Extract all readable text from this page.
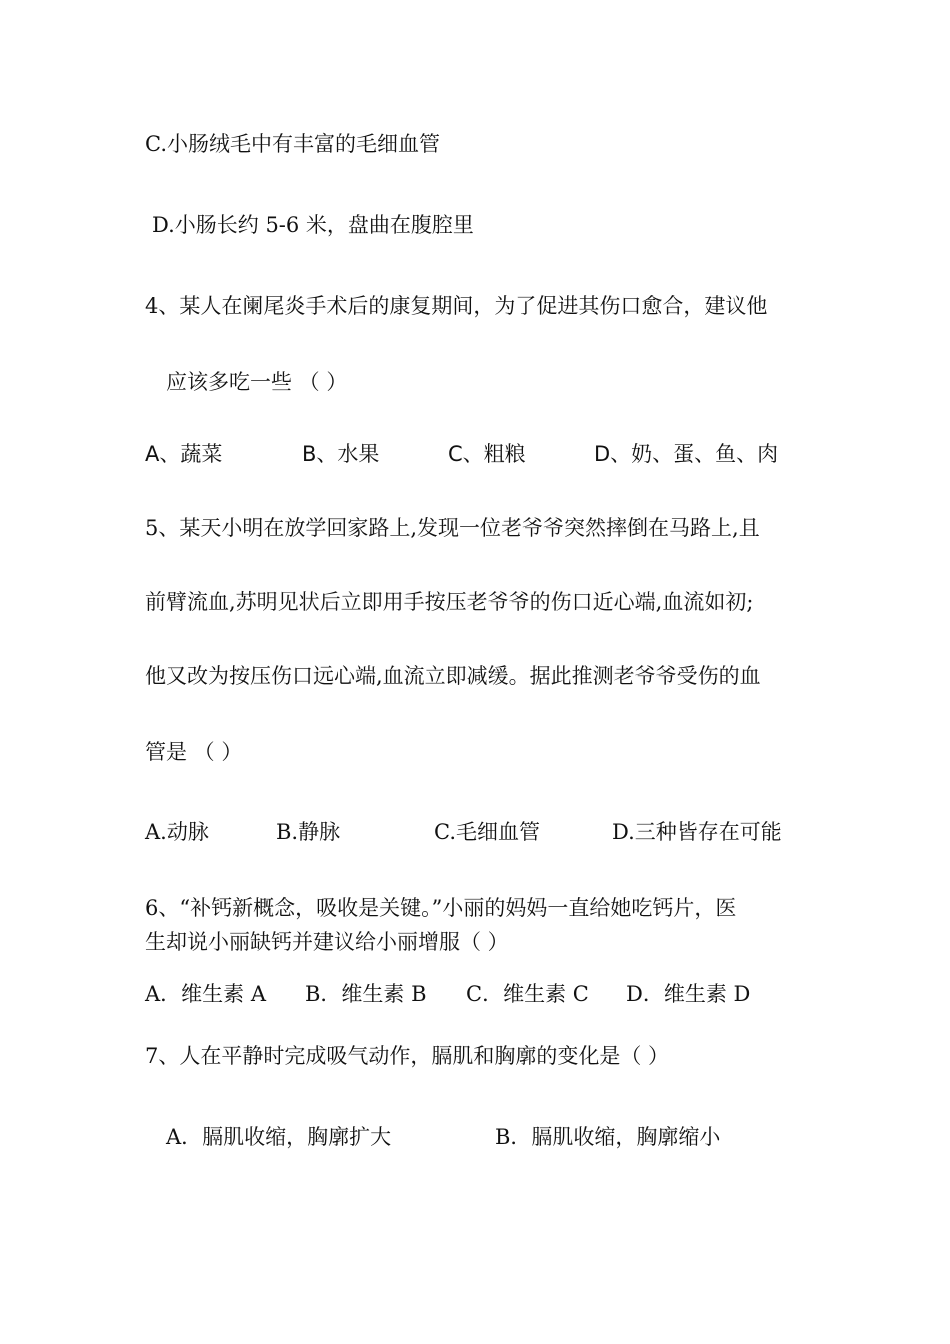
C.小肠绒毛中有丰富的毛细血管
D.小肠长约 5-6 米，盘曲在腹腔里
4、某人在阑尾炎手术后的康复期间，为了促进其伤口愈合，建议他
应该多吃一些 （ ）
A、蔬菜	B、水果	C、粗粮	D、奶、蛋、鱼、肉
5、某天小明在放学回家路上,发现一位老爷爷突然摔倒在马路上,且
前臂流血,苏明见状后立即用手按压老爷爷的伤口近心端,血流如初;
他又改为按压伤口远心端,血流立即减缓。据此推测老爷爷受伤的血
管是 （ ）
A.动脉	B.静脉	C.毛细血管	D.三种皆存在可能
6、“补钙新概念，吸收是关键。”小丽的妈妈一直给她吃钙片，医
生却说小丽缺钙并建议给小丽增服（ ）
A．维生素 A B．维生素 B C．维生素 C D．维生素 D
7、人在平静时完成吸气动作，膈肌和胸廓的变化是（ ）
A．膈肌收缩，胸廓扩大	B．膈肌收缩，胸廓缩小
